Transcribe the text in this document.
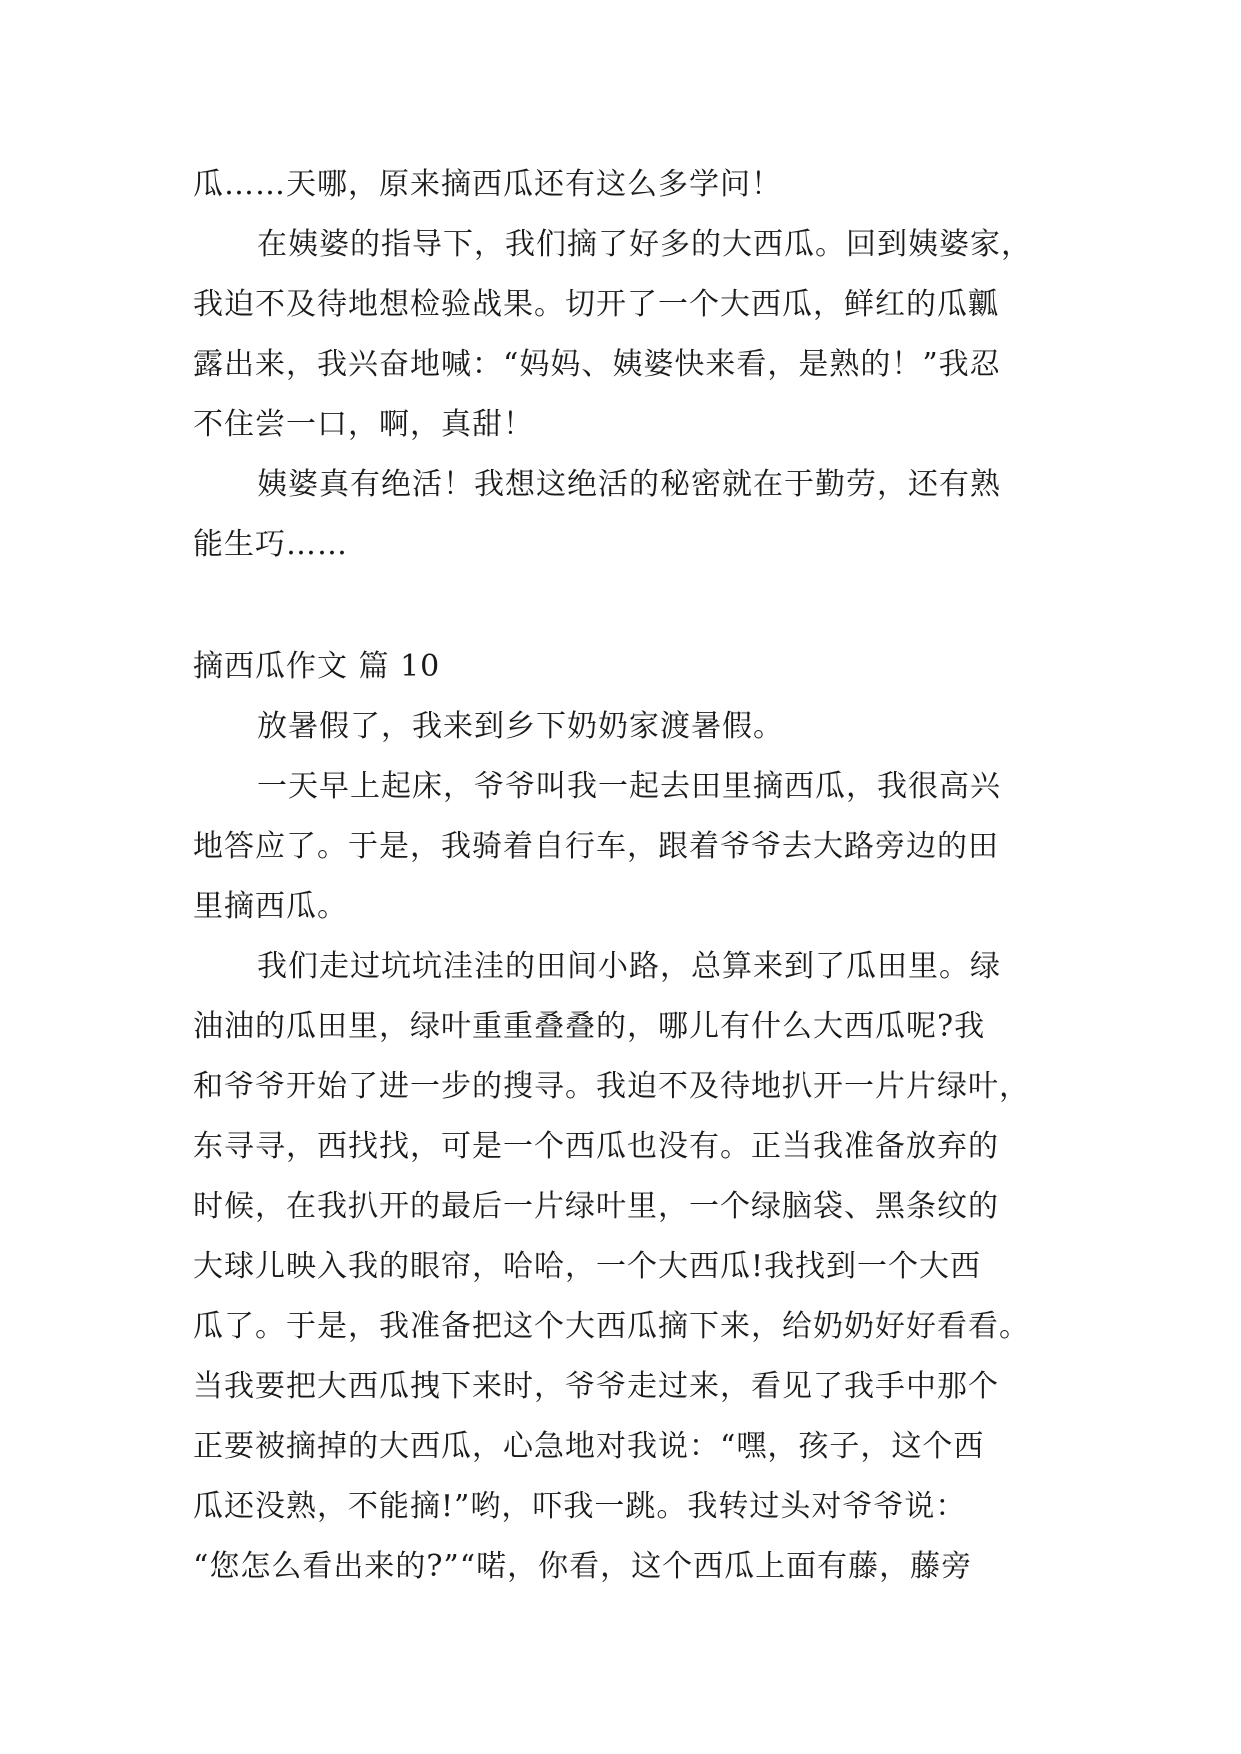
瓜……天哪，原来摘西瓜还有这么多学问！
在姨婆的指导下，我们摘了好多的大西瓜。回到姨婆家，
我迫不及待地想检验战果。切开了一个大西瓜，鲜红的瓜瓤
露出来，我兴奋地喊：“妈妈、姨婆快来看，是熟的！”我忍
不住尝一口，啊，真甜！
姨婆真有绝活！我想这绝活的秘密就在于勤劳，还有熟
能生巧……
摘西瓜作文 篇 10
放暑假了，我来到乡下奶奶家渡暑假。
一天早上起床，爷爷叫我一起去田里摘西瓜，我很高兴
地答应了。于是，我骑着自行车，跟着爷爷去大路旁边的田
里摘西瓜。
我们走过坑坑洼洼的田间小路，总算来到了瓜田里。绿
油油的瓜田里，绿叶重重叠叠的，哪儿有什么大西瓜呢?我
和爷爷开始了进一步的搜寻。我迫不及待地扒开一片片绿叶，
东寻寻，西找找，可是一个西瓜也没有。正当我准备放弃的
时候，在我扒开的最后一片绿叶里，一个绿脑袋、黑条纹的
大球儿映入我的眼帘，哈哈，一个大西瓜!我找到一个大西
瓜了。于是，我准备把这个大西瓜摘下来，给奶奶好好看看。
当我要把大西瓜拽下来时，爷爷走过来，看见了我手中那个
正要被摘掉的大西瓜，心急地对我说：“嘿，孩子，这个西
瓜还没熟，不能摘!”哟，吓我一跳。我转过头对爷爷说：
“您怎么看出来的?”“喏，你看，这个西瓜上面有藤，藤旁
